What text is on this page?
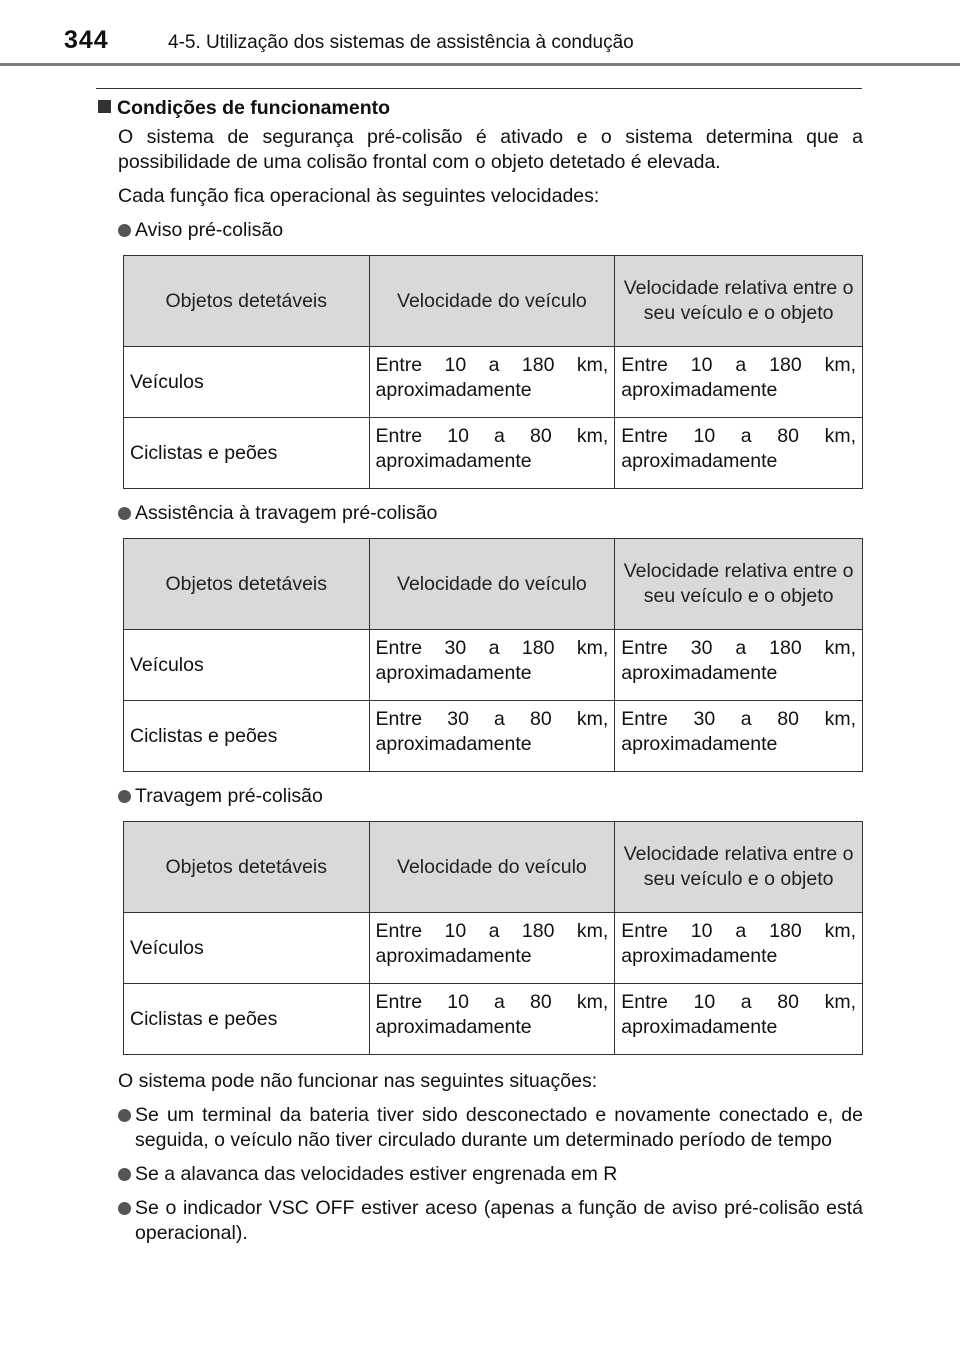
344	4-5. Utilização dos sistemas de assistência à condução
Condições de funcionamento
O sistema de segurança pré-colisão é ativado e o sistema determina que a possibilidade de uma colisão frontal com o objeto detetado é elevada.
Cada função fica operacional às seguintes velocidades:
Aviso pré-colisão
Objetos detetáveis	Velocidade do veículo	Velocidade relativa entre o seu veículo e o objeto
Veículos	Entre 10 a 180 km, aproximadamente	Entre 10 a 180 km, aproximadamente
Ciclistas e peões	Entre 10 a 80 km, aproximadamente	Entre 10 a 80 km, aproximadamente
Assistência à travagem pré-colisão
Objetos detetáveis	Velocidade do veículo	Velocidade relativa entre o seu veículo e o objeto
Veículos	Entre 30 a 180 km, aproximadamente	Entre 30 a 180 km, aproximadamente
Ciclistas e peões	Entre 30 a 80 km, aproximadamente	Entre 30 a 80 km, aproximadamente
Travagem pré-colisão
Objetos detetáveis	Velocidade do veículo	Velocidade relativa entre o seu veículo e o objeto
Veículos	Entre 10 a 180 km, aproximadamente	Entre 10 a 180 km, aproximadamente
Ciclistas e peões	Entre 10 a 80 km, aproximadamente	Entre 10 a 80 km, aproximadamente
O sistema pode não funcionar nas seguintes situações:
Se um terminal da bateria tiver sido desconectado e novamente conectado e, de seguida, o veículo não tiver circulado durante um determinado período de tempo
Se a alavanca das velocidades estiver engrenada em R
Se o indicador VSC OFF estiver aceso (apenas a função de aviso pré-colisão está operacional).
